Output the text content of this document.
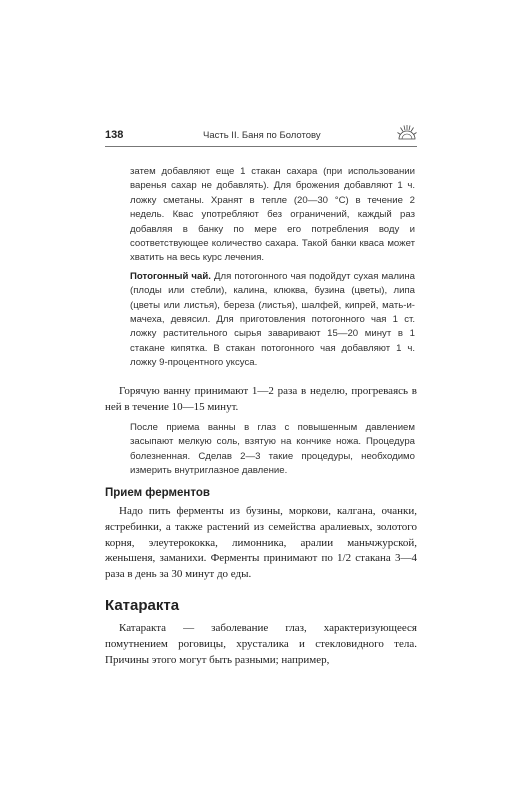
138	Часть II. Баня по Болотову

затем добавляют еще 1 стакан сахара (при использовании варенья сахар не добавлять). Для брожения добавляют 1 ч. ложку сметаны. Хранят в тепле (20—30 °С) в течение 2 недель. Квас употребляют без ограничений, каждый раз добавляя в банку по мере его потребления воду и соответствующее количество сахара. Такой банки кваса может хватить на весь курс лечения.

Потогонный чай. Для потогонного чая подойдут сухая малина (плоды или стебли), калина, клюква, бузина (цветы), липа (цветы или листья), береза (листья), шалфей, кипрей, мать-и-мачеха, девясил. Для приготовления потогонного чая 1 ст. ложку растительного сырья заваривают 15—20 минут в 1 стакане кипятка. В стакан потогонного чая добавляют 1 ч. ложку 9-процентного уксуса.

Горячую ванну принимают 1—2 раза в неделю, прогреваясь в ней в течение 10—15 минут.

После приема ванны в глаз с повышенным давлением засыпают мелкую соль, взятую на кончике ножа. Процедура болезненная. Сделав 2—3 такие процедуры, необходимо измерить внутриглазное давление.

Прием ферментов

Надо пить ферменты из бузины, моркови, калгана, очанки, ястребинки, а также растений из семейства аралиевых, золотого корня, элеутерококка, лимонника, аралии маньчжурской, женьшеня, заманихи. Ферменты принимают по 1/2 стакана 3—4 раза в день за 30 минут до еды.

Катаракта

Катаракта — заболевание глаз, характеризующееся помутнением роговицы, хрусталика и стекловидного тела. Причины этого могут быть разными; например,
